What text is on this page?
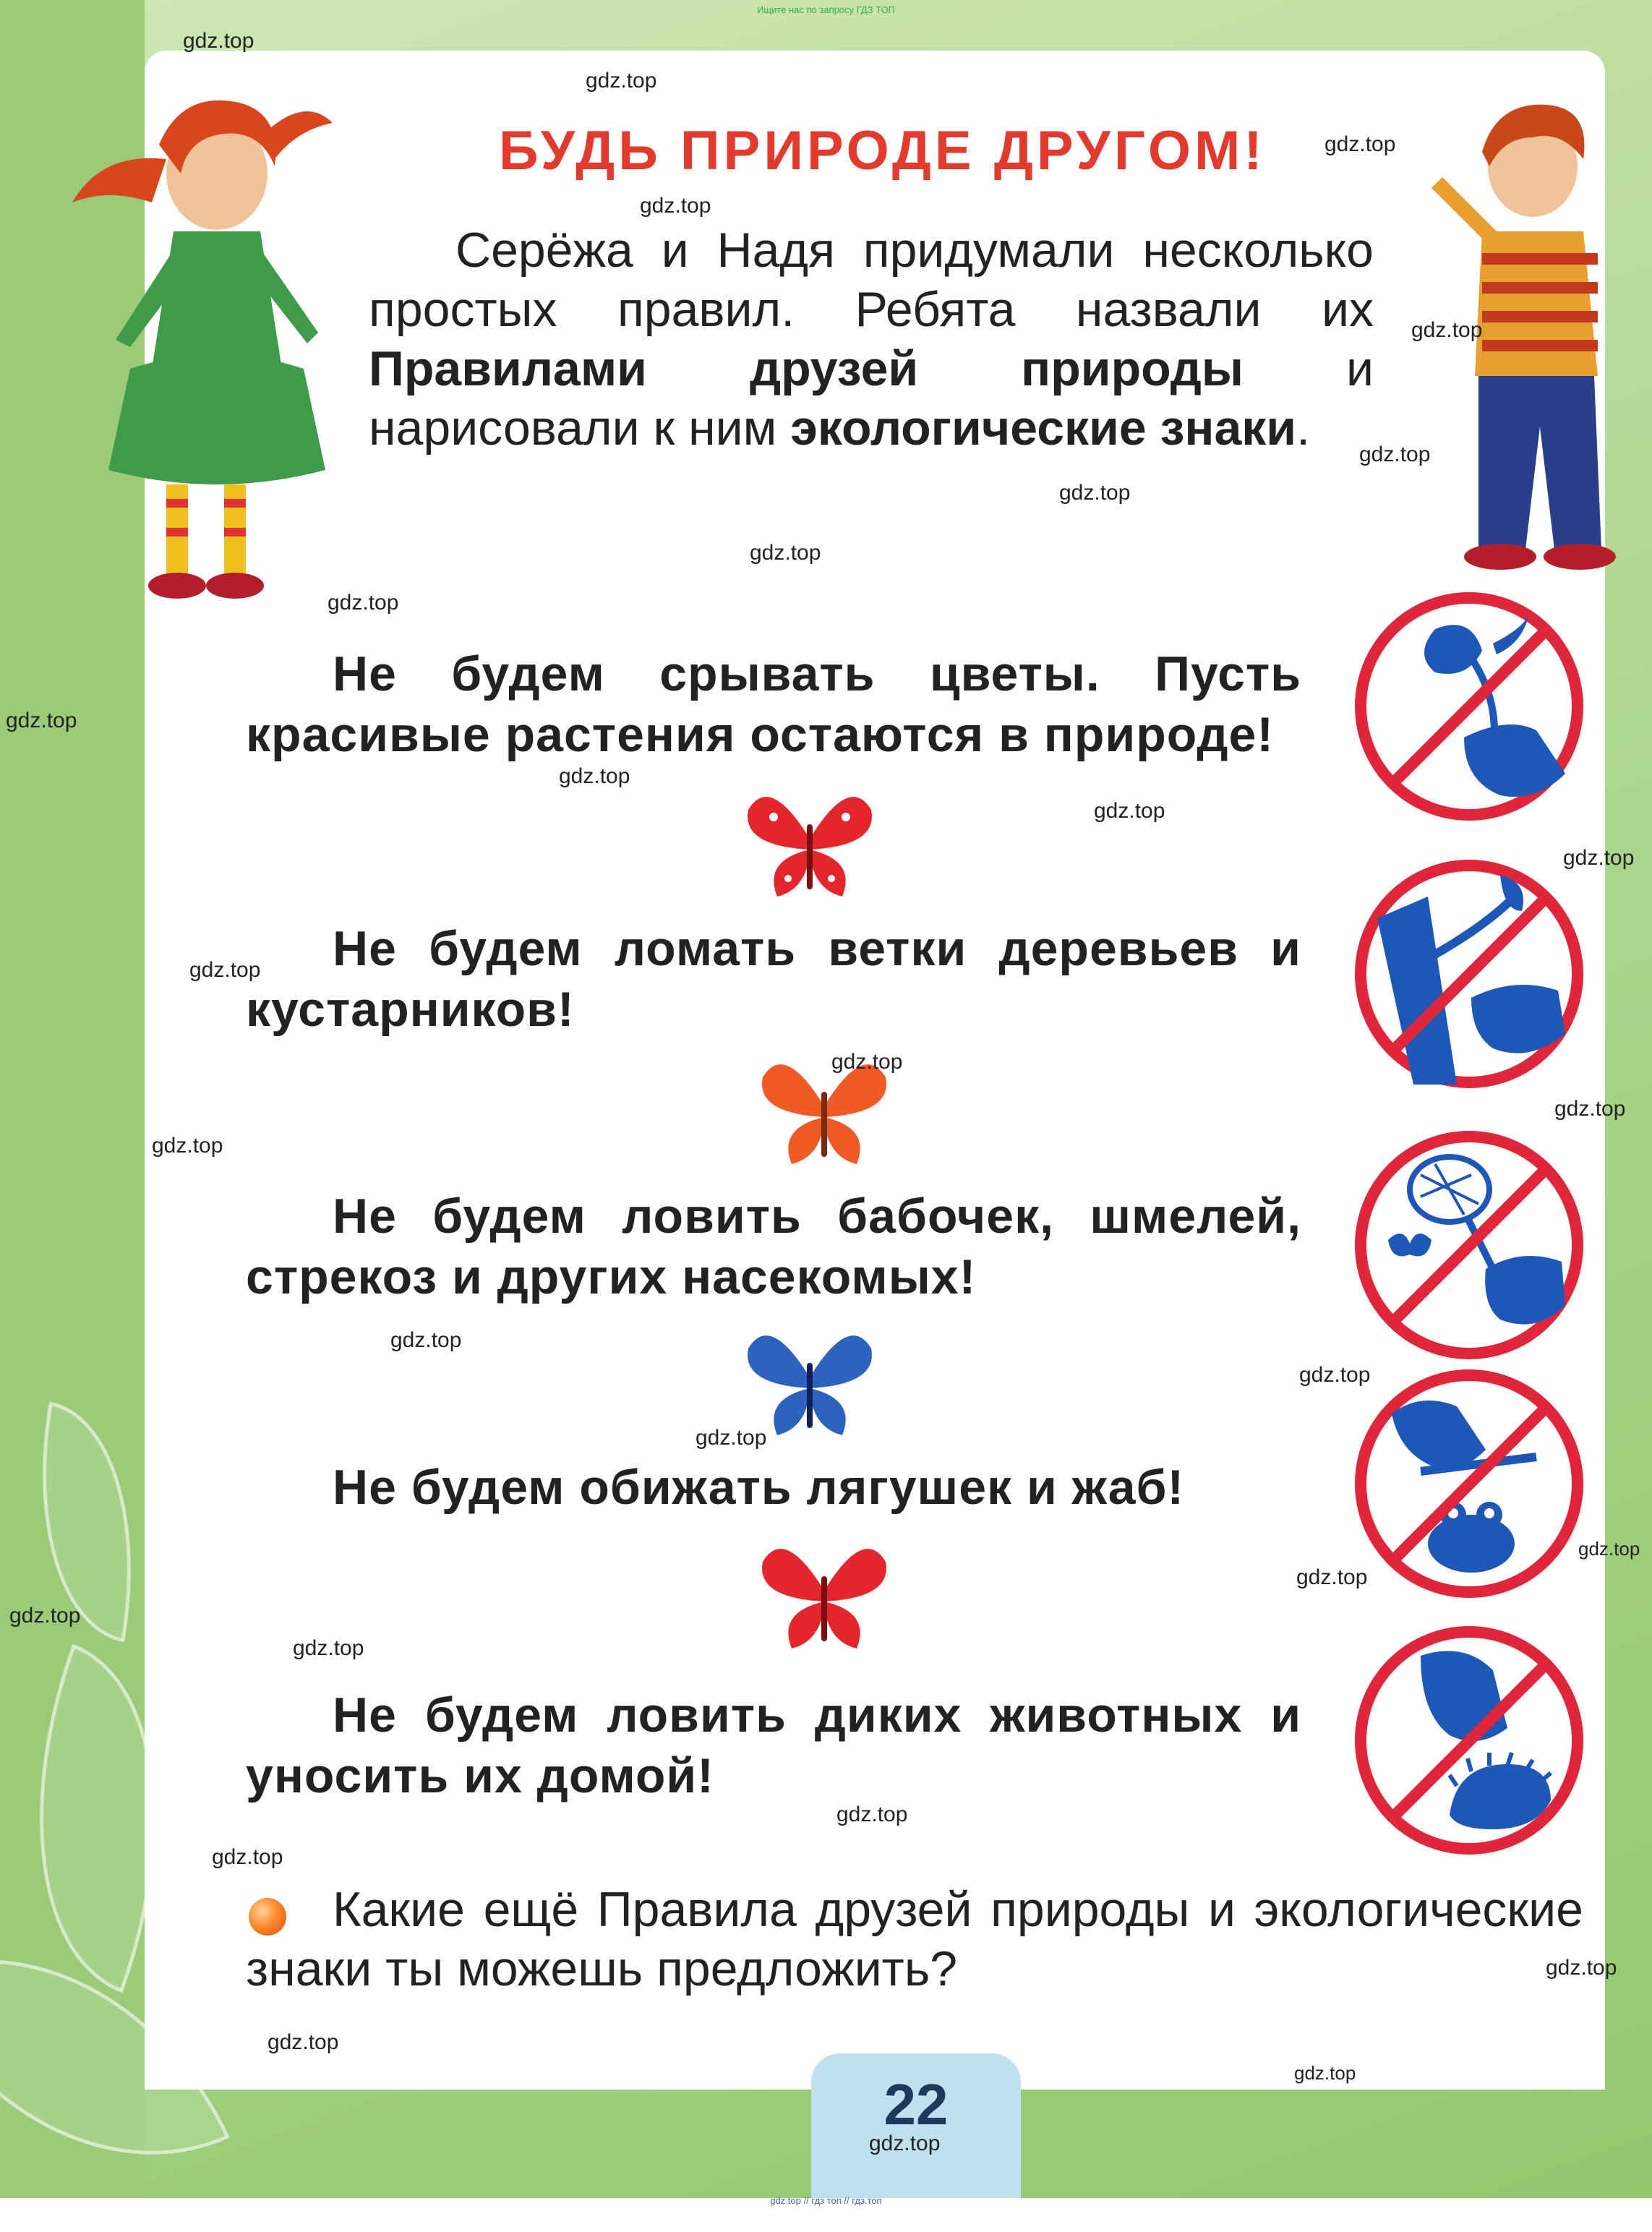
Ищите нас по запросу ГДЗ ТОП
БУДЬ ПРИРОДЕ ДРУГОМ!
Серёжа и Надя придумали несколько простых правил. Ребята назвали их Правилами друзей природы и нарисовали к ним экологические знаки.
Не будем срывать цветы. Пусть красивые растения остаются в природе!
Не будем ломать ветки деревьев и кустарников!
Не будем ловить бабочек, шмелей, стрекоз и других насекомых!
Не будем обижать лягушек и жаб!
Не будем ловить диких животных и уносить их домой!
Какие ещё Правила друзей природы и экологические знаки ты можешь предложить?
22
gdz.top
gdz.top
gdz.top
gdz.top
gdz.top
gdz.top
gdz.top
gdz.top
gdz.top
gdz.top
gdz.top
gdz.top
gdz.top
gdz.top
gdz.top
gdz.top
gdz.top
gdz.top
gdz.top
gdz.top
gdz.top
gdz.top
gdz.top
gdz.top
gdz.top
gdz.top
gdz.top
gdz.top
gdz.top
gdz.top
gdz.top // гдз топ // гдз.топ
